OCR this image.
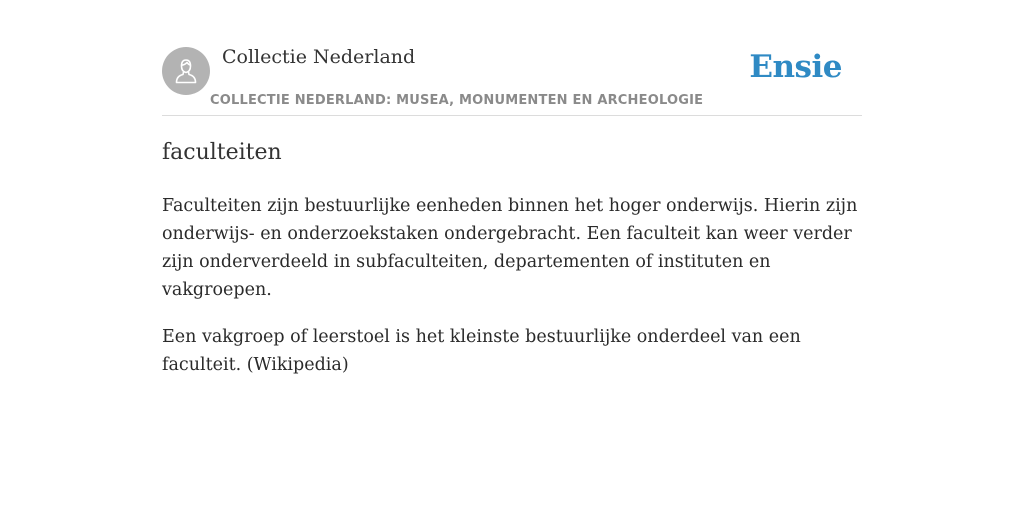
Collectie Nederland
COLLECTIE NEDERLAND: MUSEA, MONUMENTEN EN ARCHEOLOGIE
Ensie
faculteiten

Faculteiten zijn bestuurlijke eenheden binnen het hoger onderwijs. Hierin zijn onderwijs- en onderzoekstaken ondergebracht. Een faculteit kan weer verder zijn onderverdeeld in subfaculteiten, departementen of instituten en vakgroepen.

Een vakgroep of leerstoel is het kleinste bestuurlijke onderdeel van een faculteit. (Wikipedia)
